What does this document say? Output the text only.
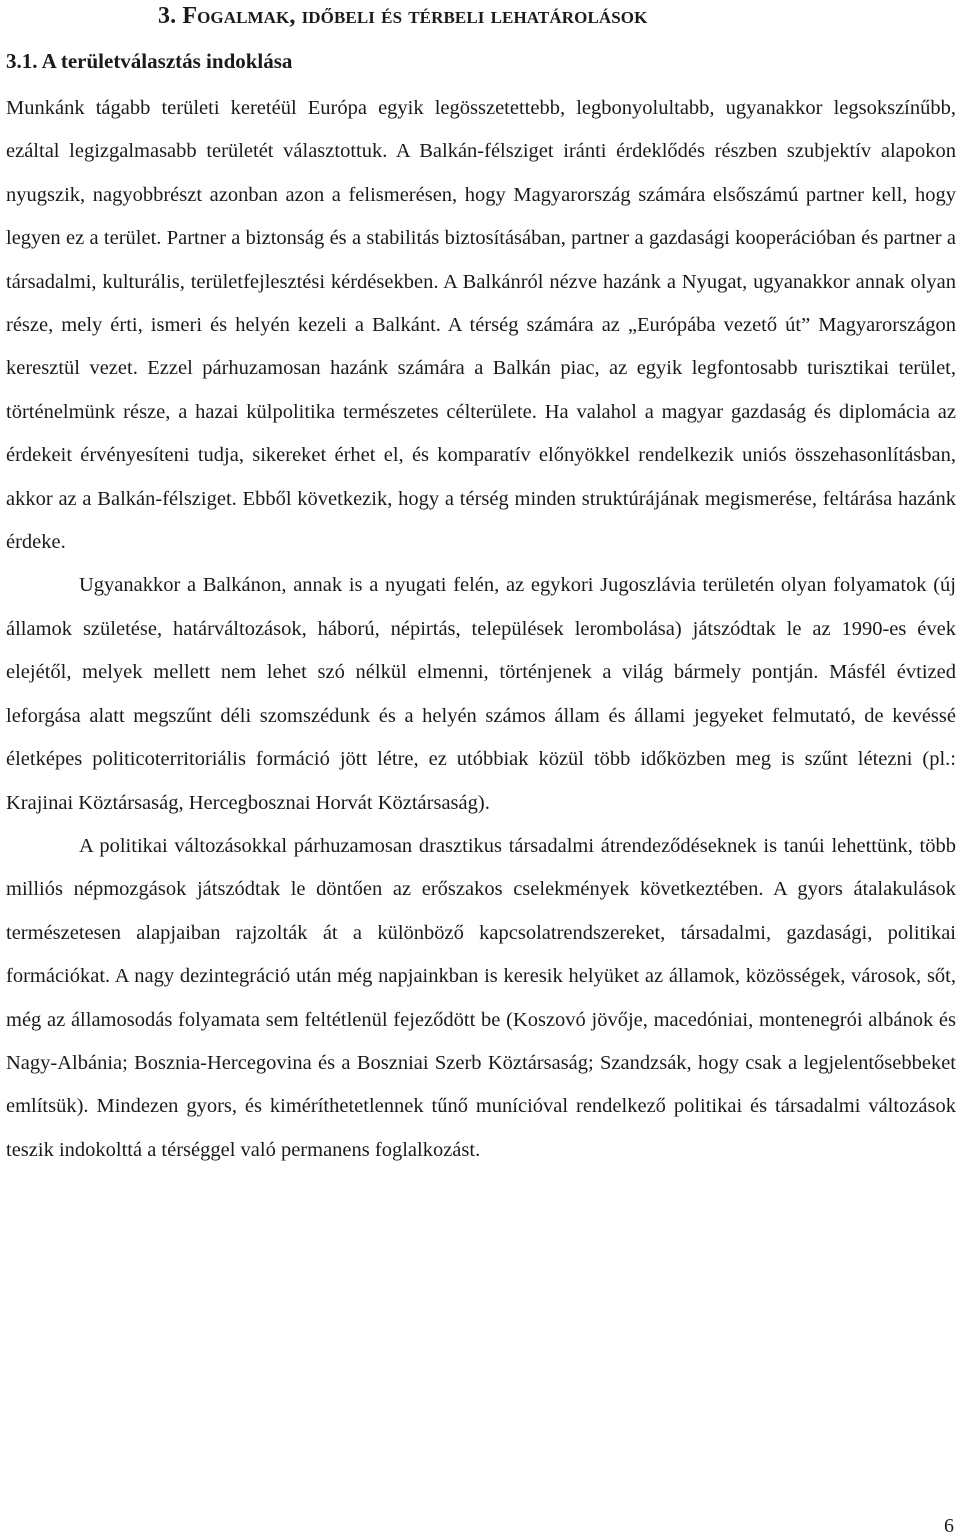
3. Fogalmak, időbeli és térbeli lehatárolások
3.1. A területválasztás indoklása

Munkánk tágabb területi keretéül Európa egyik legösszetettebb, legbonyolultabb, ugyanakkor legsokszínűbb, ezáltal legizgalmasabb területét választottuk. A Balkán-félsziget iránti érdeklődés részben szubjektív alapokon nyugszik, nagyobbrészt azonban azon a felismerésen, hogy Magyarország számára elsőszámú partner kell, hogy legyen ez a terület. Partner a biztonság és a stabilitás biztosításában, partner a gazdasági kooperációban és partner a társadalmi, kulturális, területfejlesztési kérdésekben. A Balkánról nézve hazánk a Nyugat, ugyanakkor annak olyan része, mely érti, ismeri és helyén kezeli a Balkánt. A térség számára az „Európába vezető út” Magyarországon keresztül vezet. Ezzel párhuzamosan hazánk számára a Balkán piac, az egyik legfontosabb turisztikai terület, történelmünk része, a hazai külpolitika természetes célterülete. Ha valahol a magyar gazdaság és diplomácia az érdekeit érvényesíteni tudja, sikereket érhet el, és komparatív előnyökkel rendelkezik uniós összehasonlításban, akkor az a Balkán-félsziget. Ebből következik, hogy a térség minden struktúrájának megismerése, feltárása hazánk érdeke.

Ugyanakkor a Balkánon, annak is a nyugati felén, az egykori Jugoszlávia területén olyan folyamatok (új államok születése, határváltozások, háború, népirtás, települések lerombolása) játszódtak le az 1990-es évek elejétől, melyek mellett nem lehet szó nélkül elmenni, történjenek a világ bármely pontján. Másfél évtized leforgása alatt megszűnt déli szomszédunk és a helyén számos állam és állami jegyeket felmutató, de kevéssé életképes politicoterritoriális formáció jött létre, ez utóbbiak közül több időközben meg is szűnt létezni (pl.: Krajinai Köztársaság, Hercegbosznai Horvát Köztársaság).

A politikai változásokkal párhuzamosan drasztikus társadalmi átrendeződéseknek is tanúi lehettünk, több milliós népmozgások játszódtak le döntően az erőszakos cselekmények következtében. A gyors átalakulások természetesen alapjaiban rajzolták át a különböző kapcsolatrendszereket, társadalmi, gazdasági, politikai formációkat. A nagy dezintegráció után még napjainkban is keresik helyüket az államok, közösségek, városok, sőt, még az államosodás folyamata sem feltétlenül fejeződött be (Koszovó jövője, macedóniai, montenegrói albánok és Nagy-Albánia; Bosznia-Hercegovina és a Boszniai Szerb Köztársaság; Szandzsák, hogy csak a legjelentősebbeket említsük). Mindezen gyors, és kiméríthetetlennek tűnő munícióval rendelkező politikai és társadalmi változások teszik indokolttá a térséggel való permanens foglalkozást.

6
